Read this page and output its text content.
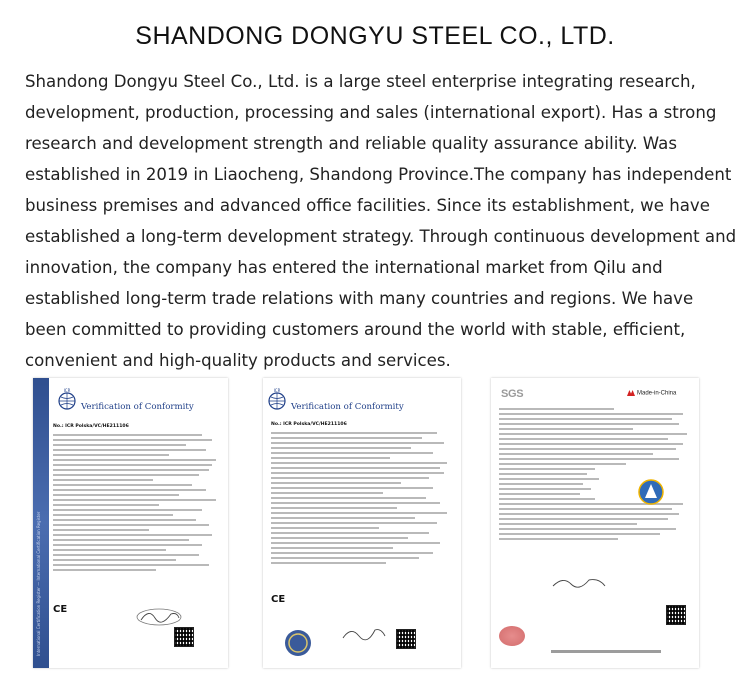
SHANDONG DONGYU STEEL CO., LTD.

Shandong Dongyu Steel Co., Ltd. is a large steel enterprise integrating research, development, production, processing and sales (international export). Has a strong research and development strength and reliable quality assurance ability. Was established in 2019 in Liaocheng, Shandong Province.The company has independent business premises and advanced office facilities. Since its establishment, we have established a long-term development strategy. Through continuous development and innovation, the company has entered the international market from Qilu and established long-term trade relations with many countries and regions. We have been committed to providing customers around the world with stable, efficient, convenient and high-quality products and services.

International Certification Register — International Certification Register
ICR
Verification of Conformity
No.: ICR Polska/VC/HE211106
CE
ICR
Verification of Conformity
No.: ICR Polska/VC/HE211106
CE
SGS	Made-in-China
